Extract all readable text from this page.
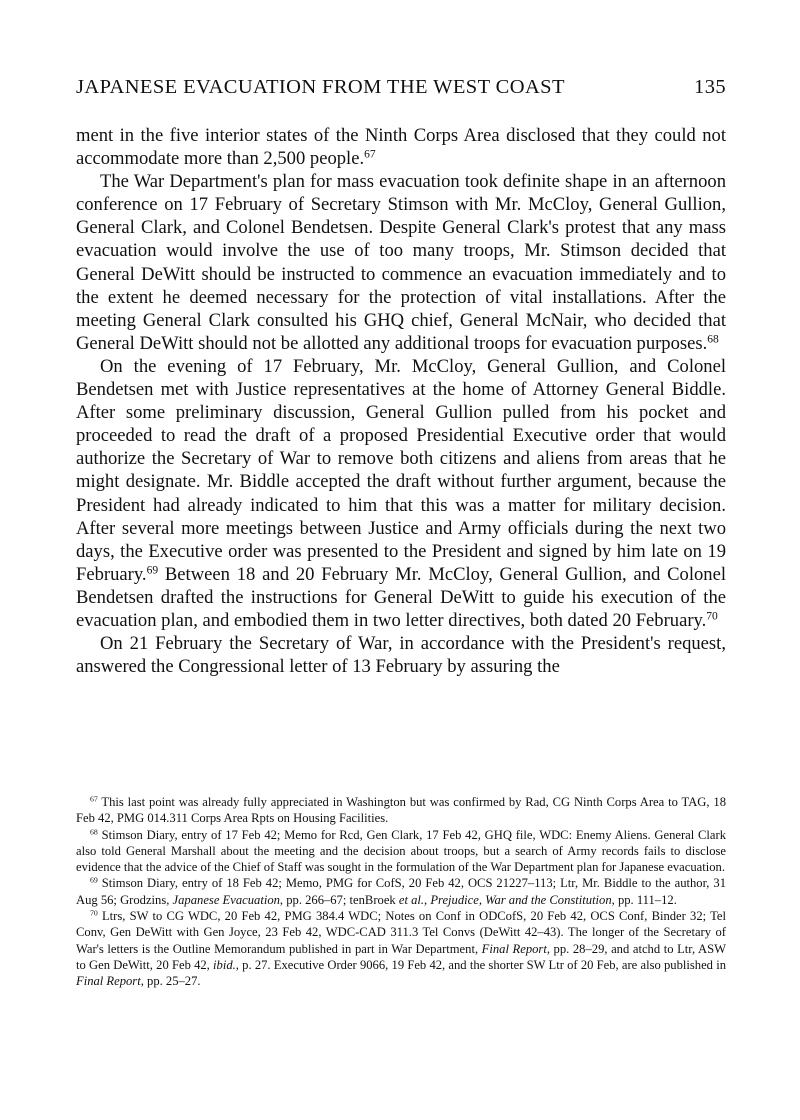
JAPANESE EVACUATION FROM THE WEST COAST	135

ment in the five interior states of the Ninth Corps Area disclosed that they could not accommodate more than 2,500 people.$^{67}$

The War Department's plan for mass evacuation took definite shape in an afternoon conference on 17 February of Secretary Stimson with Mr. McCloy, General Gullion, General Clark, and Colonel Bendetsen. Despite General Clark's protest that any mass evacuation would involve the use of too many troops, Mr. Stimson decided that General DeWitt should be instructed to commence an evacuation immediately and to the extent he deemed necessary for the protection of vital installations. After the meeting General Clark consulted his GHQ chief, General McNair, who decided that General DeWitt should not be allotted any additional troops for evacuation purposes.$^{68}$

On the evening of 17 February, Mr. McCloy, General Gullion, and Colonel Bendetsen met with Justice representatives at the home of Attorney General Biddle. After some preliminary discussion, General Gullion pulled from his pocket and proceeded to read the draft of a proposed Presidential Executive order that would authorize the Secretary of War to remove both citizens and aliens from areas that he might designate. Mr. Biddle accepted the draft without further argument, because the President had already indicated to him that this was a matter for military decision. After several more meetings between Justice and Army officials during the next two days, the Executive order was presented to the President and signed by him late on 19 February.$^{69}$ Between 18 and 20 February Mr. McCloy, General Gullion, and Colonel Bendetsen drafted the instructions for General DeWitt to guide his execution of the evacuation plan, and embodied them in two letter directives, both dated 20 February.$^{70}$

On 21 February the Secretary of War, in accordance with the President's request, answered the Congressional letter of 13 February by assuring the

$^{67}$ This last point was already fully appreciated in Washington but was confirmed by Rad, CG Ninth Corps Area to TAG, 18 Feb 42, PMG 014.311 Corps Area Rpts on Housing Facilities.

$^{68}$ Stimson Diary, entry of 17 Feb 42; Memo for Rcd, Gen Clark, 17 Feb 42, GHQ file, WDC: Enemy Aliens. General Clark also told General Marshall about the meeting and the decision about troops, but a search of Army records fails to disclose evidence that the advice of the Chief of Staff was sought in the formulation of the War Department plan for Japanese evacuation.

$^{69}$ Stimson Diary, entry of 18 Feb 42; Memo, PMG for CofS, 20 Feb 42, OCS 21227–113; Ltr, Mr. Biddle to the author, 31 Aug 56; Grodzins, Japanese Evacuation, pp. 266–67; tenBroek et al., Prejudice, War and the Constitution, pp. 111–12.

$^{70}$ Ltrs, SW to CG WDC, 20 Feb 42, PMG 384.4 WDC; Notes on Conf in ODCofS, 20 Feb 42, OCS Conf, Binder 32; Tel Conv, Gen DeWitt with Gen Joyce, 23 Feb 42, WDC-CAD 311.3 Tel Convs (DeWitt 42–43). The longer of the Secretary of War's letters is the Outline Memorandum published in part in War Department, Final Report, pp. 28–29, and atchd to Ltr, ASW to Gen DeWitt, 20 Feb 42, ibid., p. 27. Executive Order 9066, 19 Feb 42, and the shorter SW Ltr of 20 Feb, are also published in Final Report, pp. 25–27.
